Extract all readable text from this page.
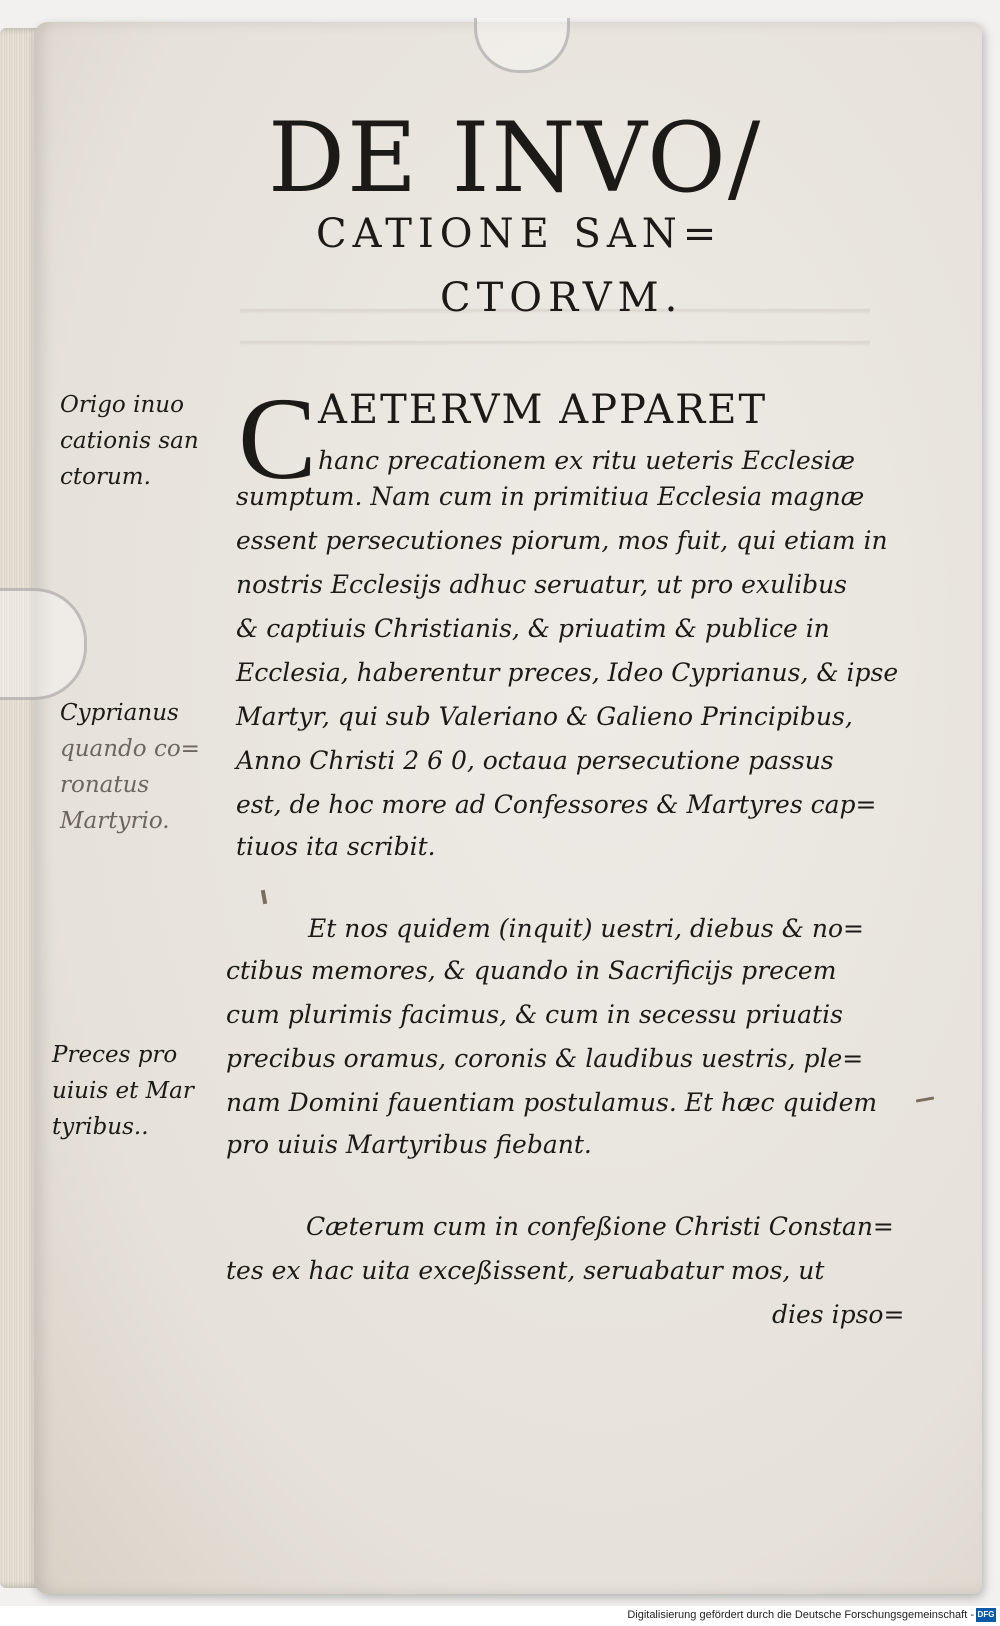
DE INVO/
CATIONE SAN=
CTORVM.
C AETERVM APPARET
hanc precationem ex ritu ueteris Ecclesiæ
sumptum. Nam cum in primitiua Ecclesia magnæ
essent persecutiones piorum, mos fuit, qui etiam in
nostris Ecclesijs adhuc seruatur, ut pro exulibus
& captiuis Christianis, & priuatim & publice in
Ecclesia, haberentur preces, Ideo Cyprianus, & ipse
Martyr, qui sub Valeriano & Galieno Principibus,
Anno Christi 2 6 0, octaua persecutione passus
est, de hoc more ad Confessores & Martyres cap=
tiuos ita scribit.
Et nos quidem (inquit) uestri, diebus & no=
ctibus memores, & quando in Sacrificijs precem
cum plurimis facimus, & cum in secessu priuatis
precibus oramus, coronis & laudibus uestris, ple=
nam Domini fauentiam postulamus. Et hæc quidem
pro uiuis Martyribus fiebant.
Cæterum cum in confeßione Christi Constan=
tes ex hac uita exceßissent, seruabatur mos, ut
dies ipso=
Origo inuo
cationis san
ctorum.
Cyprianus
quando co=
ronatus
Martyrio.
Preces pro
uiuis et Mar
tyribus..
Digitalisierung gefördert durch die Deutsche Forschungsgemeinschaft - DFG
